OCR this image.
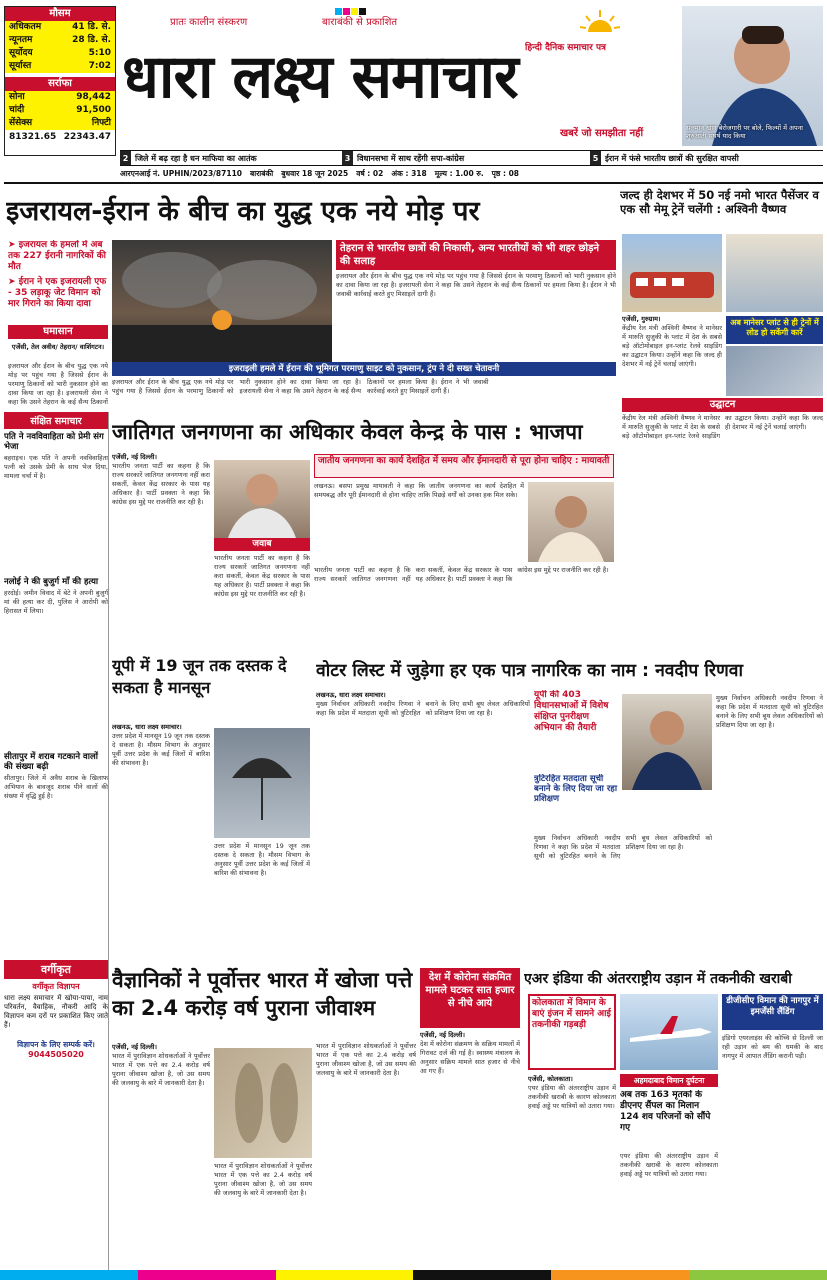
मौसम
अधिकतम	41 डि. से.
न्यूनतम	28 डि. से.
सूर्योदय	5:10
सूर्यास्त	7:02
सर्राफा
सोना	98,442
चांदी	91,500
सेंसेक्स	निफ्टी
81321.65 22343.47
प्रातः कालीन संस्करण	बाराबंकी से प्रकाशित
हिन्दी दैनिक समाचार पत्र
धारा लक्ष्य समाचार
खबरें जो समझीता नहीं	सलमान खान बेरोजगारी पर बोले, फिल्मों में अपना शुरुआती संघर्ष याद किया
2 जिले में बढ़ रहा है धन माफिया का आतंक	3 विधानसभा में साथ रहेंगी सपा-कांग्रेस	5 ईरान में फंसे भारतीय छात्रों की सुरक्षित वापसी
आरएनआई नं. UPHIN/2023/87110 बाराबंकी बुधवार 18 जून 2025 वर्ष : 02 अंक : 318 मूल्य : 1.00 रु. पृष्ठ : 08
इजरायल-ईरान के बीच का युद्ध एक नये मोड़ पर
➤ इजरायल के हमलों में अब तक 227 ईरानी नागरिकों की मौत
➤ ईरान ने एक इजरायली एफ - 35 लड़ाकू जेट विमान को मार गिराने का किया दावा
घमासान
एजेंसी, तेल अवीव/ तेहरान/ वाशिंगटन।
इजरायल और ईरान के बीच युद्ध एक नये मोड़ पर पहुंच गया है जिससे ईरान के परमाणु ठिकानों को भारी नुकसान होने का दावा किया जा रहा है। इजरायली सेना ने कहा कि उसने तेहरान के कई सैन्य ठिकानों
तेहरान से भारतीय छात्रों की निकासी, अन्य भारतीयों को भी शहर छोड़ने की सलाह
इजरायल और ईरान के बीच युद्ध एक नये मोड़ पर पहुंच गया है जिससे ईरान के परमाणु ठिकानों को भारी नुकसान होने का दावा किया जा रहा है। इजरायली सेना ने कहा कि उसने तेहरान के कई सैन्य ठिकानों पर हमला किया है। ईरान ने भी जवाबी कार्रवाई करते हुए मिसाइलें दागी हैं।
इजराइली हमले में ईरान की भूमिगत परमाणु साइट को नुकसान, ट्रंप ने दी सख्त चेतावनी
इजरायल और ईरान के बीच युद्ध एक नये मोड़ पर पहुंच गया है जिससे ईरान के परमाणु ठिकानों को भारी नुकसान होने का दावा किया जा रहा है। इजरायली सेना ने कहा कि उसने तेहरान के कई सैन्य ठिकानों पर हमला किया है। ईरान ने भी जवाबी कार्रवाई करते हुए मिसाइलें दागी हैं।
जल्द ही देशभर में 50 नई नमो भारत पैसेंजर व एक सौ मेमू ट्रेनें चलेंगी : अश्विनी वैष्णव
एजेंसी, गुरुग्राम।	अब मानेसर प्लांट से ही ट्रेनों में लोड हो सकेंगी कारें
केंद्रीय रेल मंत्री अश्विनी वैष्णव ने मानेसर में मारुति सुजुकी के प्लांट में देश के सबसे बड़े ऑटोमोबाइल इन-प्लांट रेलवे साइडिंग का उद्घाटन किया। उन्होंने कहा कि जल्द ही देशभर में नई ट्रेनें चलाई जाएंगी।
उद्घाटन
केंद्रीय रेल मंत्री अश्विनी वैष्णव ने मानेसर में मारुति सुजुकी के प्लांट में देश के सबसे बड़े ऑटोमोबाइल इन-प्लांट रेलवे साइडिंग का उद्घाटन किया। उन्होंने कहा कि जल्द ही देशभर में नई ट्रेनें चलाई जाएंगी।
संक्षित समाचार
पति ने नवविवाहिता को प्रेमी संग भेजा
बहराइच। एक पति ने अपनी नवविवाहिता पत्नी को उसके प्रेमी के साथ भेज दिया, मामला चर्चा में है।
नलोई ने की बुजुर्ग माँ की हत्या
हरदोई। जमीन विवाद में बेटे ने अपनी बुजुर्ग मां की हत्या कर दी, पुलिस ने आरोपी को हिरासत में लिया।
सीतापुर में शराब गटकाने वालों की संख्या बढ़ी
सीतापुर। जिले में अवैध शराब के खिलाफ अभियान के बावजूद शराब पीने वालों की संख्या में वृद्धि हुई है।
वर्गीकृत
वर्गीकृत विज्ञापन
धारा लक्ष्य समाचार में खोया-पाया, नाम परिवर्तन, वैवाहिक, नौकरी आदि के विज्ञापन कम दरों पर प्रकाशित किए जाते हैं।
विज्ञापन के लिए सम्पर्क करें।
9044505020
जातिगत जनगणना का अधिकार केवल केन्द्र के पास : भाजपा
एजेंसी, नई दिल्ली।
भारतीय जनता पार्टी का कहना है कि राज्य सरकारें जातिगत जनगणना नहीं करा सकतीं, केवल केंद्र सरकार के पास यह अधिकार है। पार्टी प्रवक्ता ने कहा कि कांग्रेस इस मुद्दे पर राजनीति कर रही है।
जवाब
भारतीय जनता पार्टी का कहना है कि राज्य सरकारें जातिगत जनगणना नहीं करा सकतीं, केवल केंद्र सरकार के पास यह अधिकार है। पार्टी प्रवक्ता ने कहा कि कांग्रेस इस मुद्दे पर राजनीति कर रही है।
जातीय जनगणना का कार्य देशहित में समय और ईमानदारी से पूरा होना चाहिए : मायावती
लखनऊ। बसपा प्रमुख मायावती ने कहा कि जातीय जनगणना का कार्य देशहित में समयबद्ध और पूरी ईमानदारी से होना चाहिए ताकि पिछड़े वर्गों को उनका हक मिल सके।
भारतीय जनता पार्टी का कहना है कि राज्य सरकारें जातिगत जनगणना नहीं करा सकतीं, केवल केंद्र सरकार के पास यह अधिकार है। पार्टी प्रवक्ता ने कहा कि कांग्रेस इस मुद्दे पर राजनीति कर रही है।
यूपी में 19 जून तक दस्तक दे सकता है मानसून
लखनऊ, धारा लक्ष्य समाचार।
उत्तर प्रदेश में मानसून 19 जून तक दस्तक दे सकता है। मौसम विभाग के अनुसार पूर्वी उत्तर प्रदेश के कई जिलों में बारिश की संभावना है।
उत्तर प्रदेश में मानसून 19 जून तक दस्तक दे सकता है। मौसम विभाग के अनुसार पूर्वी उत्तर प्रदेश के कई जिलों में बारिश की संभावना है।
वोटर लिस्ट में जुड़ेगा हर एक पात्र नागरिक का नाम : नवदीप रिणवा
लखनऊ, धारा लक्ष्य समाचार।
मुख्य निर्वाचन अधिकारी नवदीप रिणवा ने कहा कि प्रदेश में मतदाता सूची को त्रुटिरहित बनाने के लिए सभी बूथ लेवल अधिकारियों को प्रशिक्षण दिया जा रहा है।
यूपी की 403 विधानसभाओं में विशेष संक्षिप्त पुनरीक्षण अभियान की तैयारी
त्रुटिरहित मतदाता सूची बनाने के लिए दिया जा रहा प्रशिक्षण
मुख्य निर्वाचन अधिकारी नवदीप रिणवा ने कहा कि प्रदेश में मतदाता सूची को त्रुटिरहित बनाने के लिए सभी बूथ लेवल अधिकारियों को प्रशिक्षण दिया जा रहा है।
मुख्य निर्वाचन अधिकारी नवदीप रिणवा ने कहा कि प्रदेश में मतदाता सूची को त्रुटिरहित बनाने के लिए सभी बूथ लेवल अधिकारियों को प्रशिक्षण दिया जा रहा है।
वैज्ञानिकों ने पूर्वोत्तर भारत में खोजा पत्ते का 2.4 करोड़ वर्ष पुराना जीवाश्म
एजेंसी, नई दिल्ली।
भारत में पुराविज्ञान शोधकर्ताओं ने पूर्वोत्तर भारत में एक पत्ते का 2.4 करोड़ वर्ष पुराना जीवाश्म खोजा है, जो उस समय की जलवायु के बारे में जानकारी देता है।
भारत में पुराविज्ञान शोधकर्ताओं ने पूर्वोत्तर भारत में एक पत्ते का 2.4 करोड़ वर्ष पुराना जीवाश्म खोजा है, जो उस समय की जलवायु के बारे में जानकारी देता है।
भारत में पुराविज्ञान शोधकर्ताओं ने पूर्वोत्तर भारत में एक पत्ते का 2.4 करोड़ वर्ष पुराना जीवाश्म खोजा है, जो उस समय की जलवायु के बारे में जानकारी देता है।
देश में कोरोना संक्रमित मामले घटकर सात हजार से नीचे आये
एजेंसी, नई दिल्ली।
देश में कोरोना संक्रमण के सक्रिय मामलों में गिरावट दर्ज की गई है। स्वास्थ्य मंत्रालय के अनुसार सक्रिय मामले सात हजार से नीचे आ गए हैं।
एअर इंडिया की अंतरराष्ट्रीय उड़ान में तकनीकी खराबी
कोलकाता में विमान के बाएं इंजन में सामने आई तकनीकी गड़बड़ी
एजेंसी, कोलकाता।
एयर इंडिया की अंतरराष्ट्रीय उड़ान में तकनीकी खराबी के कारण कोलकाता हवाई अड्डे पर यात्रियों को उतारा गया।
अहमदाबाद विमान दुर्घटना
अब तक 163 मृतकों के डीएनए सैंपल का मिलान 124 शव परिजनों को सौंपे गए
एयर इंडिया की अंतरराष्ट्रीय उड़ान में तकनीकी खराबी के कारण कोलकाता हवाई अड्डे पर यात्रियों को उतारा गया।
डीजीसीए विमान की नागपुर में इमर्जेंसी लैंडिंग
इंडिगो एयरलाइंस की कोच्चि से दिल्ली जा रही उड़ान को बम की धमकी के बाद नागपुर में आपात लैंडिंग करानी पड़ी।
